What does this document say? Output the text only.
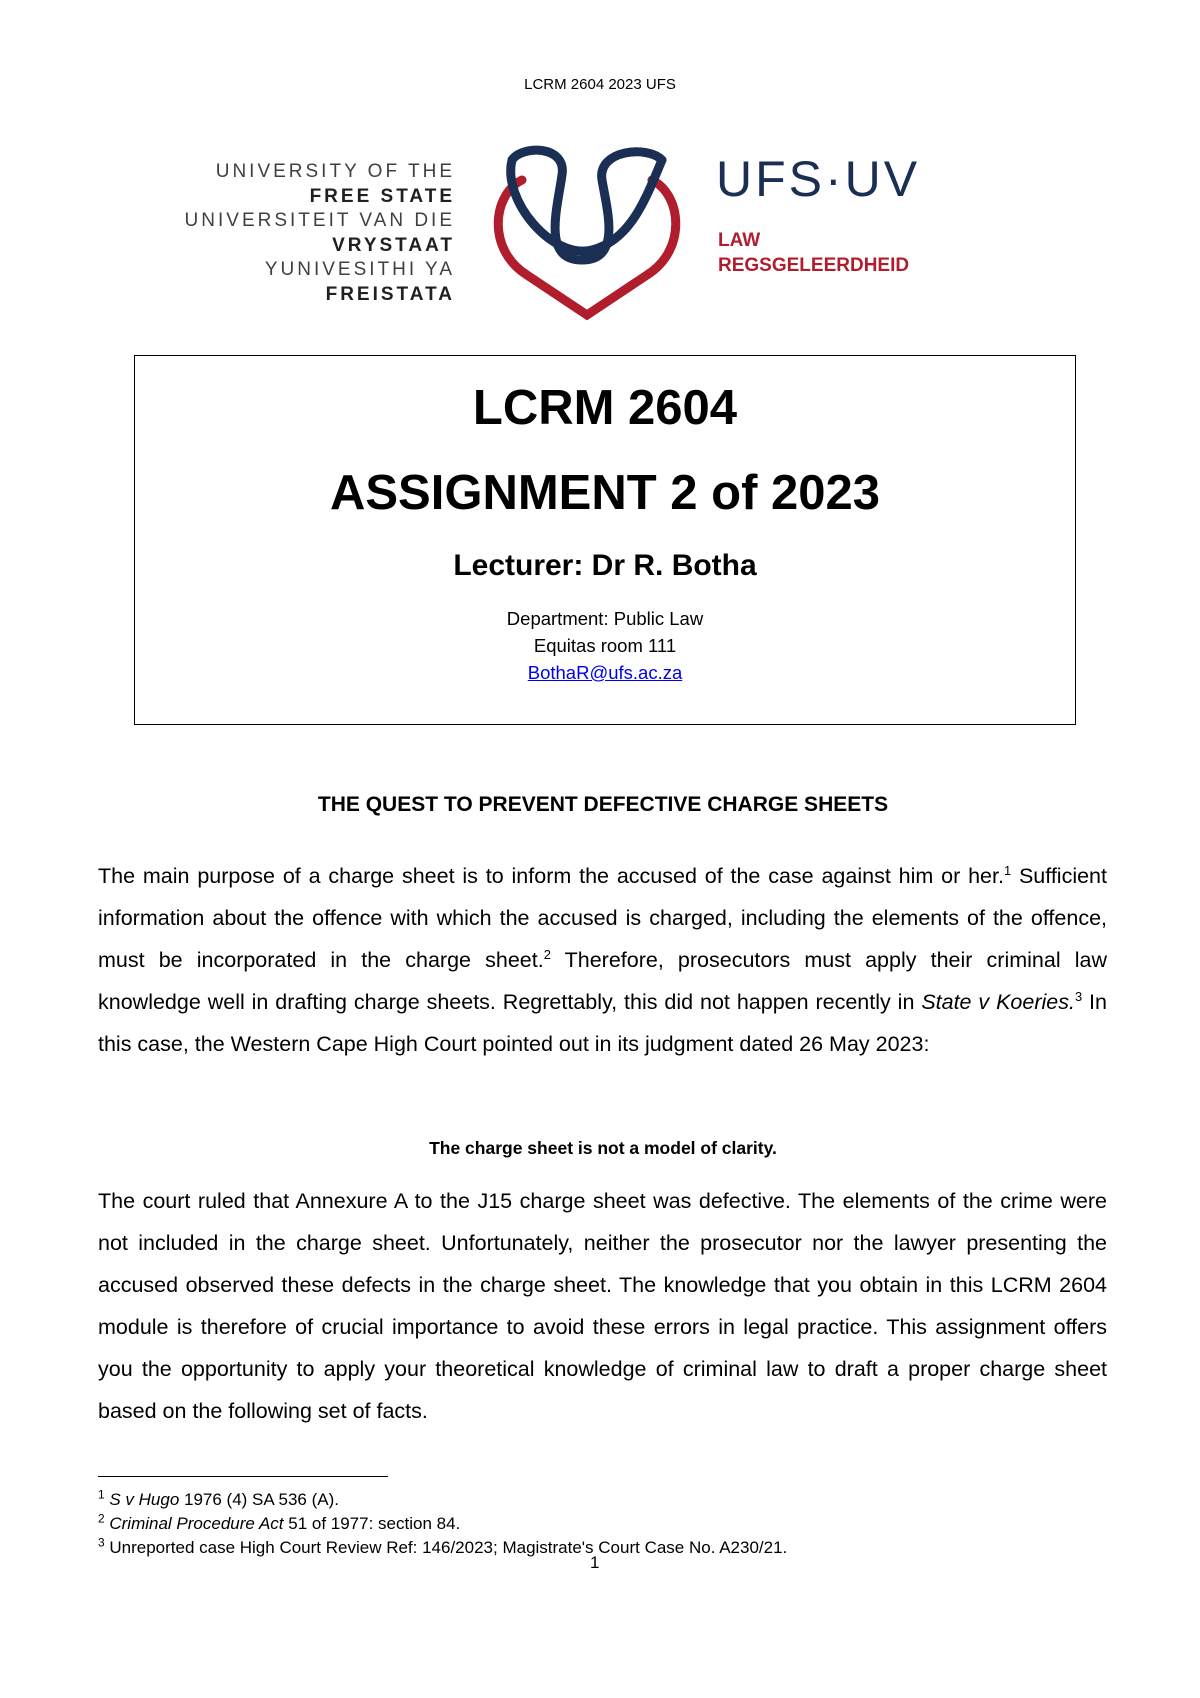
LCRM 2604 2023 UFS
UNIVERSITY OF THE
FREE STATE
UNIVERSITEIT VAN DIE
VRYSTAAT
YUNIVESITHI YA
FREISTATA
UFS·UV
LAW
REGSGELEERDHEID
LCRM 2604
ASSIGNMENT 2 of 2023
Lecturer: Dr R. Botha
Department: Public Law
Equitas room 111
BothaR@ufs.ac.za
THE QUEST TO PREVENT DEFECTIVE CHARGE SHEETS
The main purpose of a charge sheet is to inform the accused of the case against him or her.$^1$ Sufficient information about the offence with which the accused is charged, including the elements of the offence, must be incorporated in the charge sheet.$^2$ Therefore, prosecutors must apply their criminal law knowledge well in drafting charge sheets. Regrettably, this did not happen recently in State v Koeries.$^3$ In this case, the Western Cape High Court pointed out in its judgment dated 26 May 2023:
The charge sheet is not a model of clarity.
The court ruled that Annexure A to the J15 charge sheet was defective. The elements of the crime were not included in the charge sheet. Unfortunately, neither the prosecutor nor the lawyer presenting the accused observed these defects in the charge sheet. The knowledge that you obtain in this LCRM 2604 module is therefore of crucial importance to avoid these errors in legal practice. This assignment offers you the opportunity to apply your theoretical knowledge of criminal law to draft a proper charge sheet based on the following set of facts.
$^1$ S v Hugo 1976 (4) SA 536 (A).
$^2$ Criminal Procedure Act 51 of 1977: section 84.
$^3$ Unreported case High Court Review Ref: 146/2023; Magistrate's Court Case No. A230/21.
1
